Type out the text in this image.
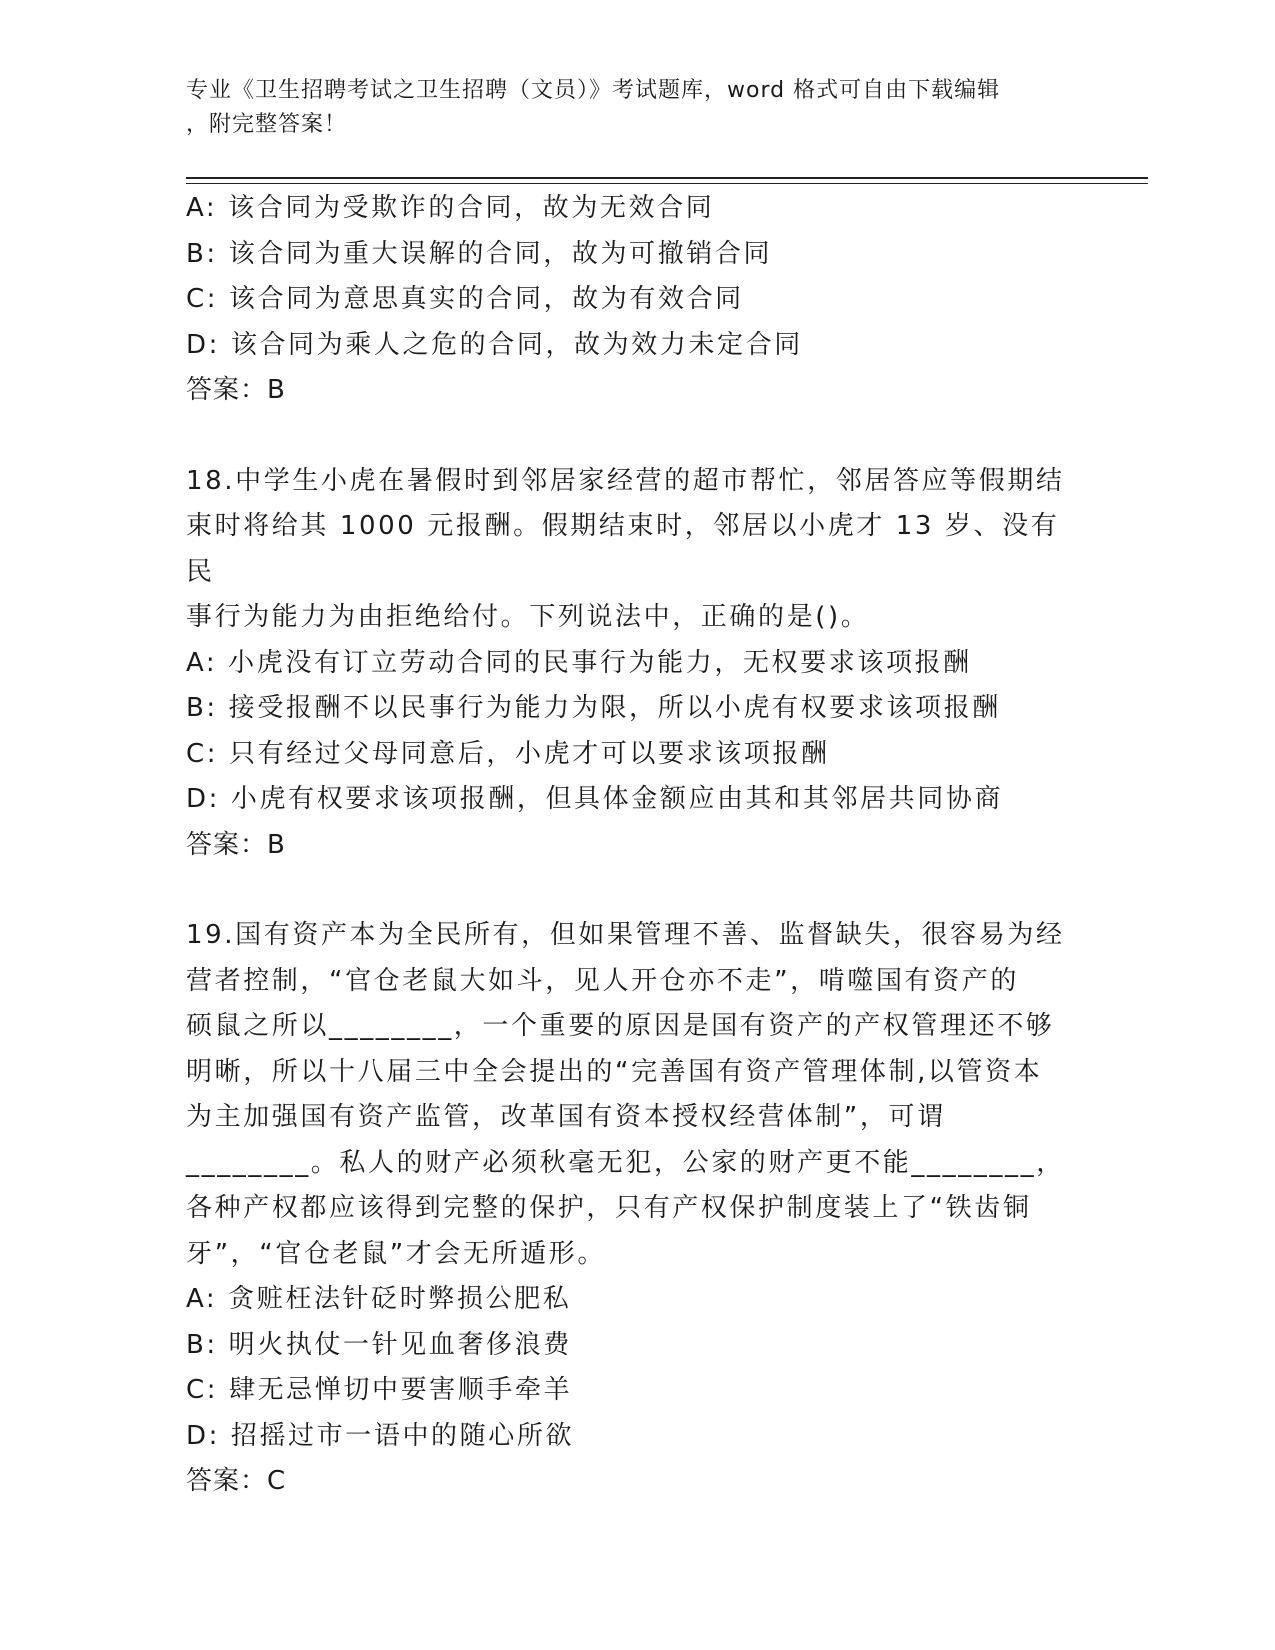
专业《卫生招聘考试之卫生招聘（文员）》考试题库，word 格式可自由下载编辑
，附完整答案！
A: 该合同为受欺诈的合同，故为无效合同
B: 该合同为重大误解的合同，故为可撤销合同
C: 该合同为意思真实的合同，故为有效合同
D: 该合同为乘人之危的合同，故为效力未定合同
答案：B
18.中学生小虎在暑假时到邻居家经营的超市帮忙，邻居答应等假期结
束时将给其 1000 元报酬。假期结束时，邻居以小虎才 13 岁、没有民
事行为能力为由拒绝给付。下列说法中，正确的是()。
A: 小虎没有订立劳动合同的民事行为能力，无权要求该项报酬
B: 接受报酬不以民事行为能力为限，所以小虎有权要求该项报酬
C: 只有经过父母同意后，小虎才可以要求该项报酬
D: 小虎有权要求该项报酬，但具体金额应由其和其邻居共同协商
答案：B
19.国有资产本为全民所有，但如果管理不善、监督缺失，很容易为经
营者控制，“官仓老鼠大如斗，见人开仓亦不走”，啃噬国有资产的
硕鼠之所以________，一个重要的原因是国有资产的产权管理还不够
明晰，所以十八届三中全会提出的“完善国有资产管理体制,以管资本
为主加强国有资产监管，改革国有资本授权经营体制”，可谓
________。私人的财产必须秋毫无犯，公家的财产更不能________，
各种产权都应该得到完整的保护，只有产权保护制度装上了“铁齿铜
牙”，“官仓老鼠”才会无所遁形。
A: 贪赃枉法针砭时弊损公肥私
B: 明火执仗一针见血奢侈浪费
C: 肆无忌惮切中要害顺手牵羊
D: 招摇过市一语中的随心所欲
答案：C
